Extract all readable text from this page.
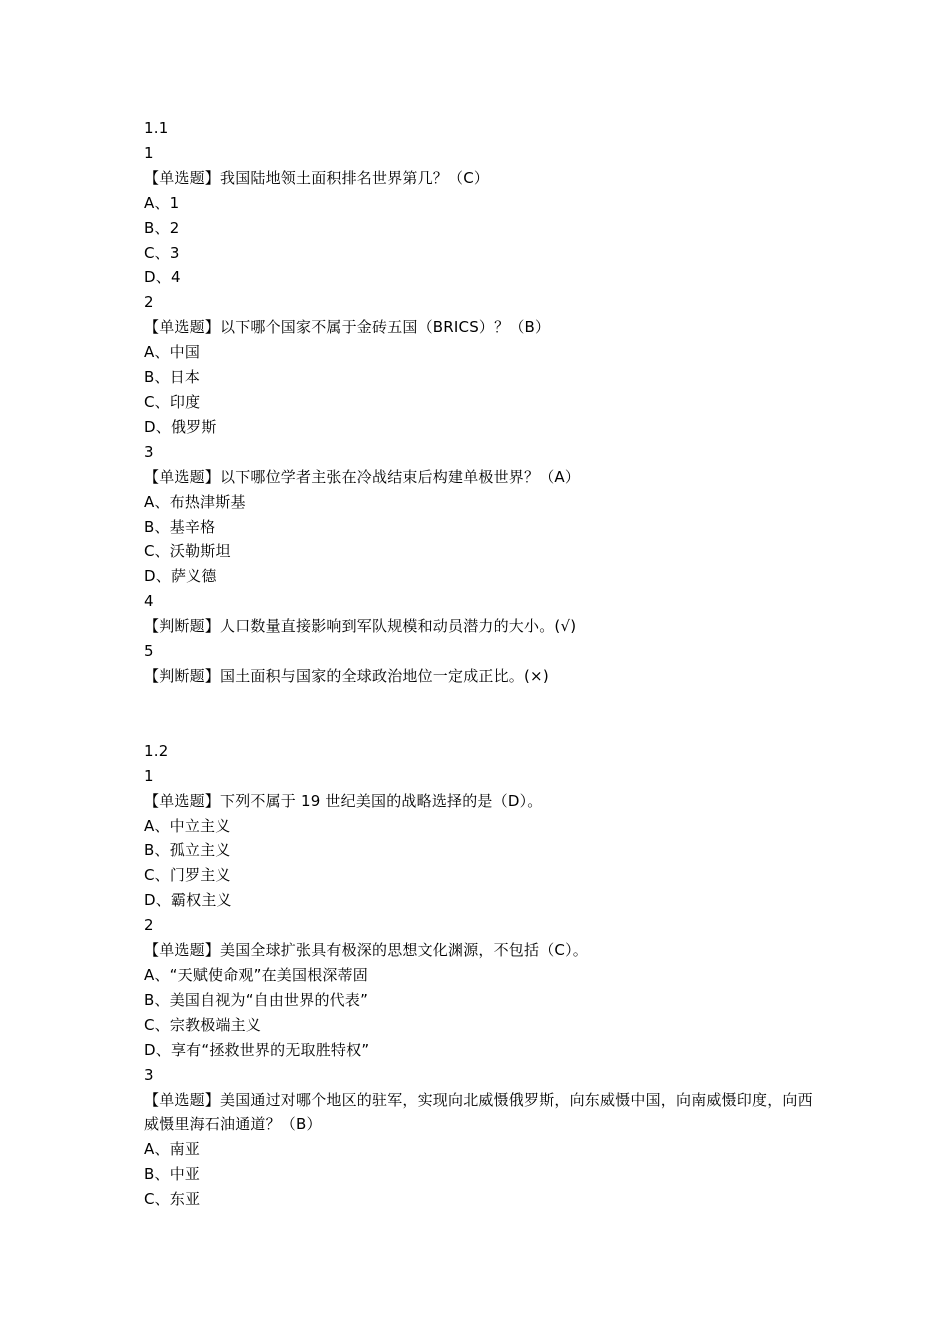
1.1
1
【单选题】我国陆地领土面积排名世界第几？（C）
A、1
B、2
C、3
D、4
2
【单选题】以下哪个国家不属于金砖五国（BRICS）？（B）
A、中国
B、日本
C、印度
D、俄罗斯
3
【单选题】以下哪位学者主张在冷战结束后构建单极世界？（A）
A、布热津斯基
B、基辛格
C、沃勒斯坦
D、萨义德
4
【判断题】人口数量直接影响到军队规模和动员潜力的大小。(√)
5
【判断题】国土面积与国家的全球政治地位一定成正比。(×)
1.2
1
【单选题】下列不属于 19 世纪美国的战略选择的是（D）。
A、中立主义
B、孤立主义
C、门罗主义
D、霸权主义
2
【单选题】美国全球扩张具有极深的思想文化渊源，不包括（C）。
A、“天赋使命观”在美国根深蒂固
B、美国自视为“自由世界的代表”
C、宗教极端主义
D、享有“拯救世界的无取胜特权”
3
【单选题】美国通过对哪个地区的驻军，实现向北威慑俄罗斯，向东威慑中国，向南威慑印度，向西威慑里海石油通道？（B）
A、南亚
B、中亚
C、东亚
